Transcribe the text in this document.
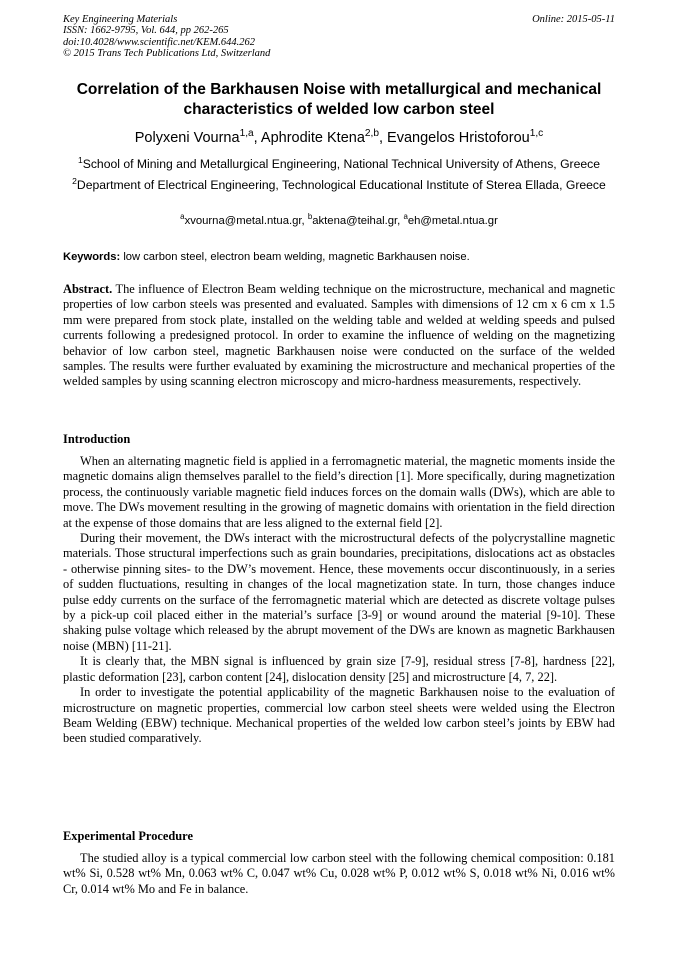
Key Engineering Materials
ISSN: 1662-9795, Vol. 644, pp 262-265
doi:10.4028/www.scientific.net/KEM.644.262
© 2015 Trans Tech Publications Ltd, Switzerland
Online: 2015-05-11
Correlation of the Barkhausen Noise with metallurgical and mechanical characteristics of welded low carbon steel
Polyxeni Vourna$^{1,a}$, Aphrodite Ktena$^{2,b}$, Evangelos Hristoforou$^{1,c}$
$^1$School of Mining and Metallurgical Engineering, National Technical University of Athens, Greece
$^2$Department of Electrical Engineering, Technological Educational Institute of Sterea Ellada, Greece
$^a$xvourna@metal.ntua.gr, $^b$aktena@teihal.gr, $^a$eh@metal.ntua.gr
Keywords: low carbon steel, electron beam welding, magnetic Barkhausen noise.

Abstract. The influence of Electron Beam welding technique on the microstructure, mechanical and magnetic properties of low carbon steels was presented and evaluated. Samples with dimensions of 12 cm x 6 cm x 1.5 mm were prepared from stock plate, installed on the welding table and welded at welding speeds and pulsed currents following a predesigned protocol. In order to examine the influence of welding on the magnetizing behavior of low carbon steel, magnetic Barkhausen noise were conducted on the surface of the welded samples. The results were further evaluated by examining the microstructure and mechanical properties of the welded samples by using scanning electron microscopy and micro-hardness measurements, respectively.

Introduction

When an alternating magnetic field is applied in a ferromagnetic material, the magnetic moments inside the magnetic domains align themselves parallel to the field’s direction [1]. More specifically, during magnetization process, the continuously variable magnetic field induces forces on the domain walls (DWs), which are able to move. The DWs movement resulting in the growing of magnetic domains with orientation in the field direction at the expense of those domains that are less aligned to the external field [2].

During their movement, the DWs interact with the microstructural defects of the polycrystalline magnetic materials. Those structural imperfections such as grain boundaries, precipitations, dislocations act as obstacles - otherwise pinning sites- to the DW’s movement. Hence, these movements occur discontinuously, in a series of sudden fluctuations, resulting in changes of the local magnetization state. In turn, those changes induce pulse eddy currents on the surface of the ferromagnetic material which are detected as discrete voltage pulses by a pick-up coil placed either in the material’s surface [3-9] or wound around the material [9-10]. These shaking pulse voltage which released by the abrupt movement of the DWs are known as magnetic Barkhausen noise (MBN) [11-21].

It is clearly that, the MBN signal is influenced by grain size [7-9], residual stress [7-8], hardness [22], plastic deformation [23], carbon content [24], dislocation density [25] and microstructure [4, 7, 22].

In order to investigate the potential applicability of the magnetic Barkhausen noise to the evaluation of microstructure on magnetic properties, commercial low carbon steel sheets were welded using the Electron Beam Welding (EBW) technique. Mechanical properties of the welded low carbon steel’s joints by EBW had been studied comparatively.

Experimental Procedure

The studied alloy is a typical commercial low carbon steel with the following chemical composition: 0.181 wt% Si, 0.528 wt% Mn, 0.063 wt% C, 0.047 wt% Cu, 0.028 wt% P, 0.012 wt% S, 0.018 wt% Ni, 0.016 wt% Cr, 0.014 wt% Mo and Fe in balance.
